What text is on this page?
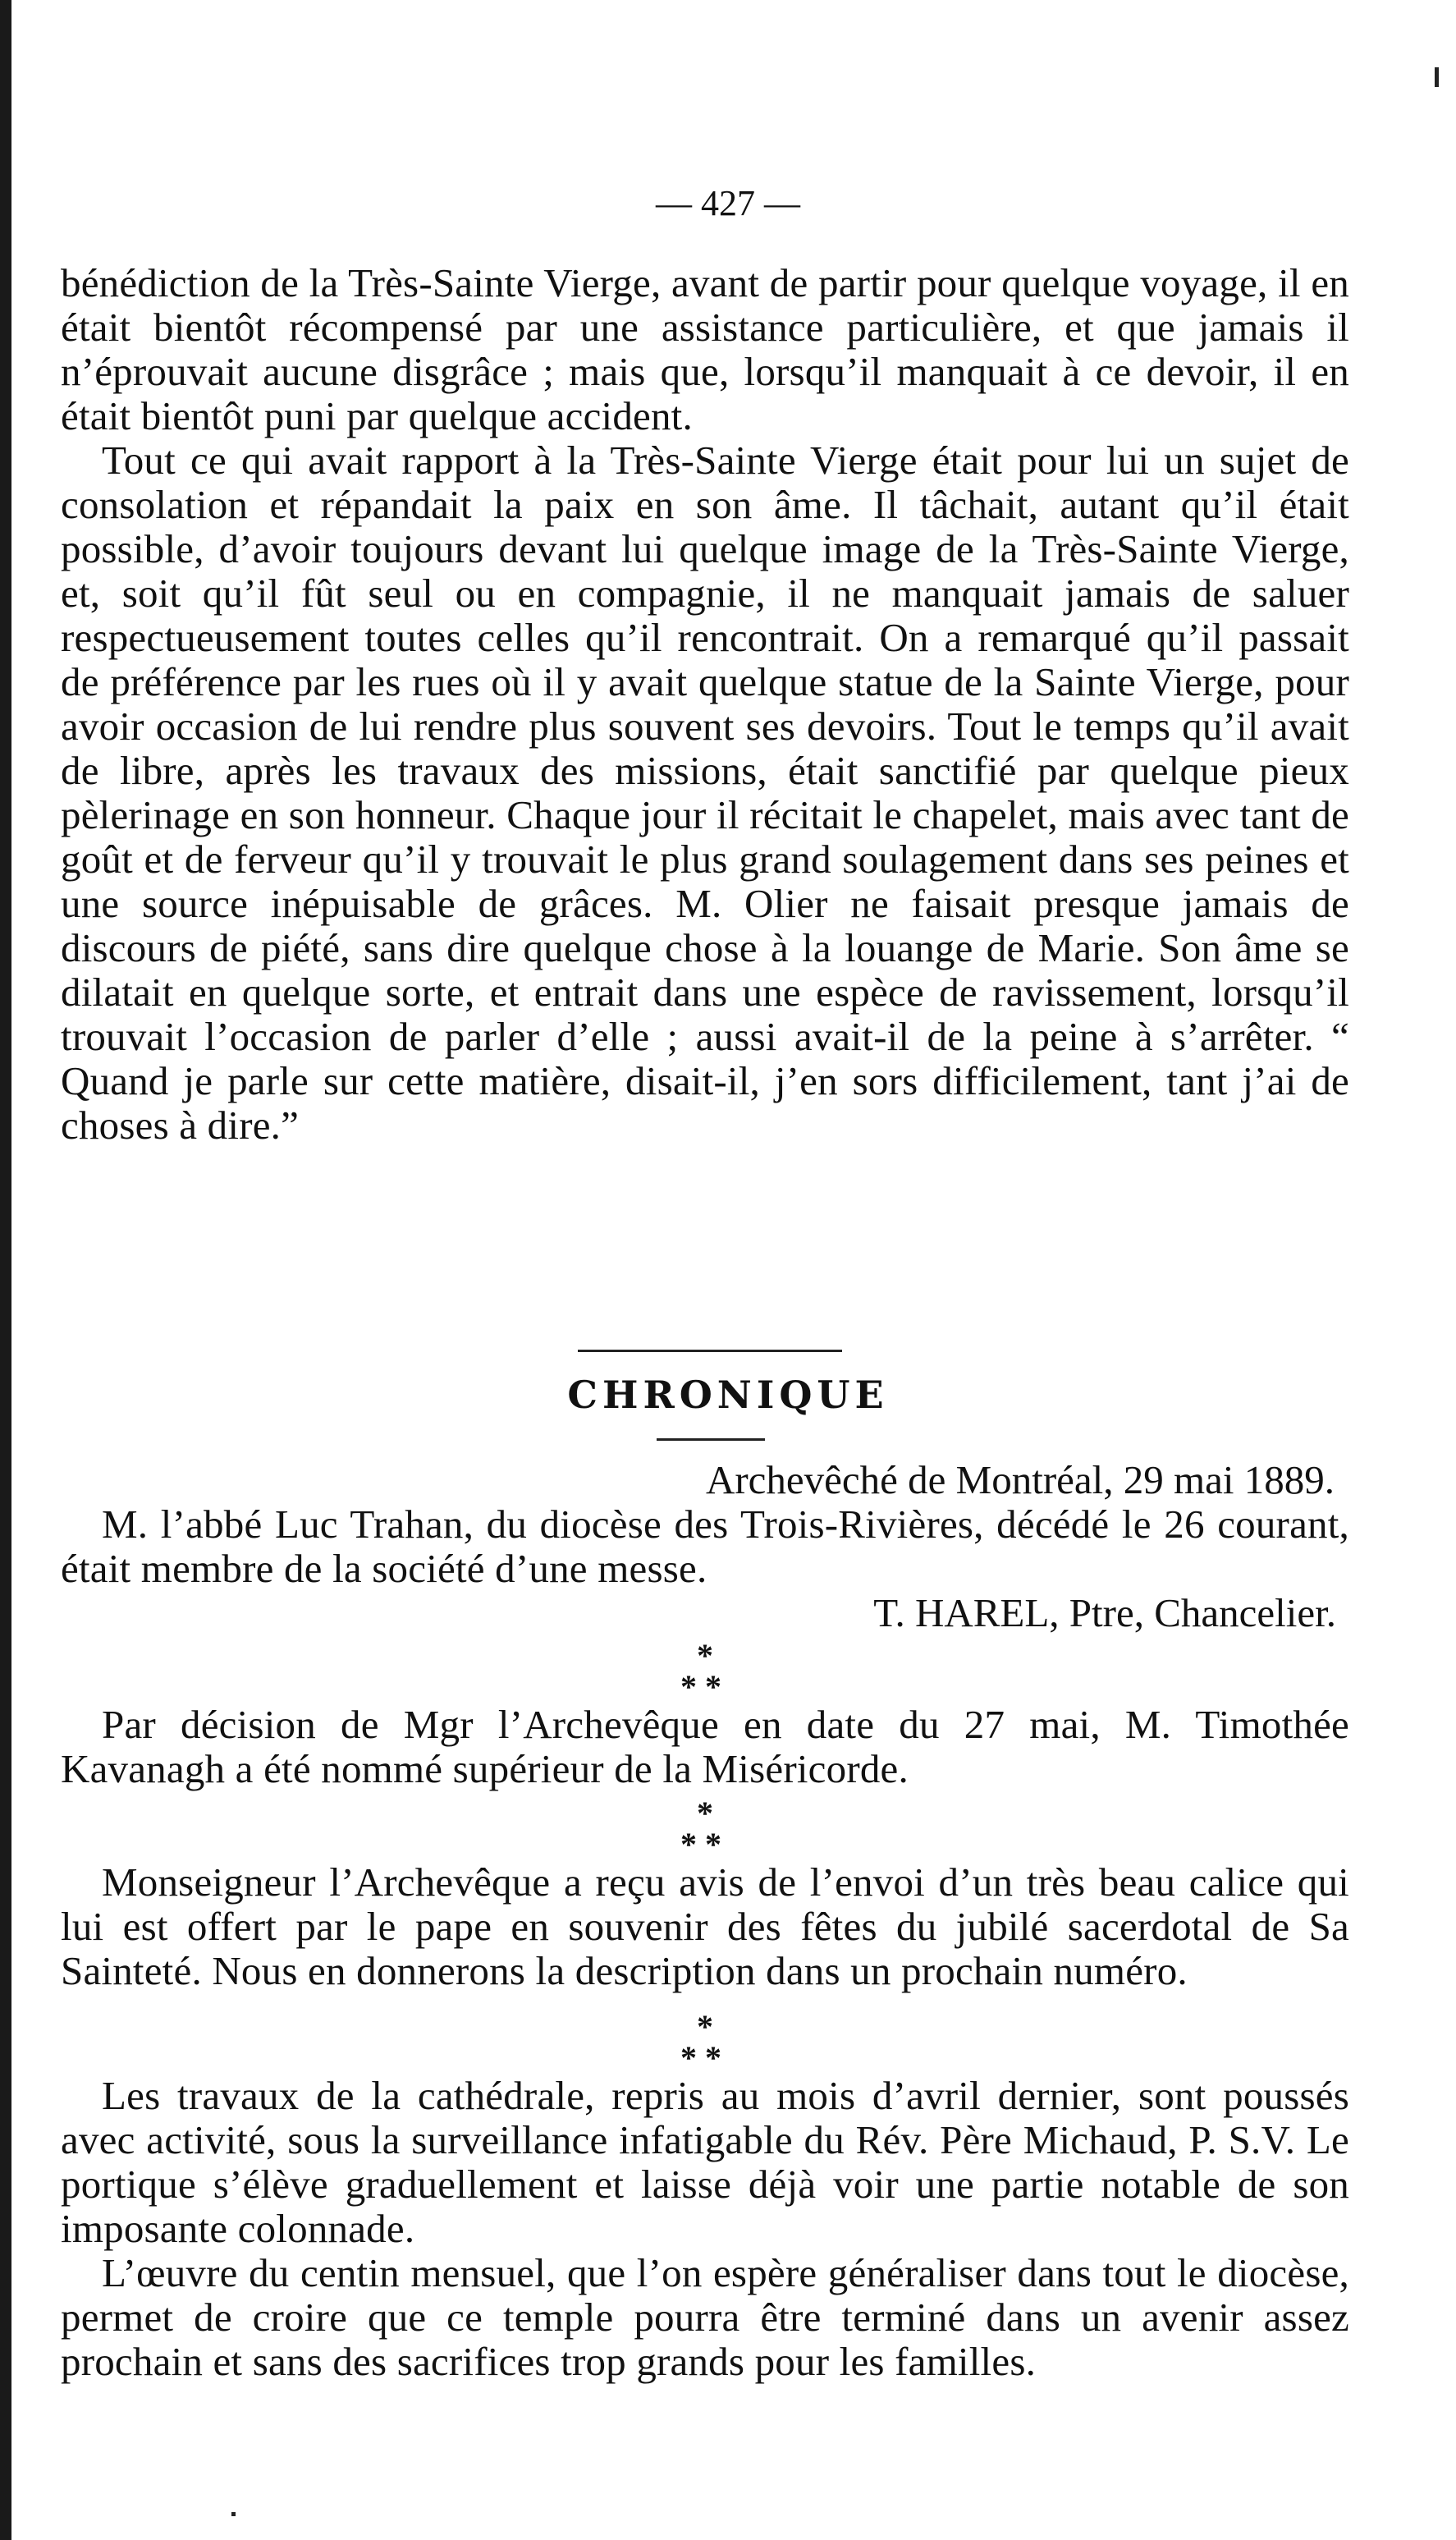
— 427 —

bénédiction de la Très-Sainte Vierge, avant de partir pour quelque voyage, il en était bientôt récompensé par une assistance particulière, et que jamais il n’éprouvait aucune disgrâce ; mais que, lorsqu’il manquait à ce devoir, il en était bientôt puni par quelque accident.

Tout ce qui avait rapport à la Très-Sainte Vierge était pour lui un sujet de consolation et répandait la paix en son âme. Il tâchait, autant qu’il était possible, d’avoir toujours devant lui quelque image de la Très-Sainte Vierge, et, soit qu’il fût seul ou en compagnie, il ne manquait jamais de saluer respectueusement toutes celles qu’il rencontrait. On a remarqué qu’il passait de préférence par les rues où il y avait quelque statue de la Sainte Vierge, pour avoir occasion de lui rendre plus souvent ses devoirs. Tout le temps qu’il avait de libre, après les travaux des missions, était sanctifié par quelque pieux pèlerinage en son honneur. Chaque jour il récitait le chapelet, mais avec tant de goût et de ferveur qu’il y trouvait le plus grand soulagement dans ses peines et une source inépuisable de grâces. M. Olier ne faisait presque jamais de discours de piété, sans dire quelque chose à la louange de Marie. Son âme se dilatait en quelque sorte, et entrait dans une espèce de ravissement, lorsqu’il trouvait l’occasion de parler d’elle ; aussi avait-il de la peine à s’arrêter. “ Quand je parle sur cette matière, disait-il, j’en sors difficilement, tant j’ai de choses à dire.”

CHRONIQUE

Archevêché de Montréal, 29 mai 1889.

M. l’abbé Luc Trahan, du diocèse des Trois-Rivières, décédé le 26 courant, était membre de la société d’une messe.

T. HAREL, Ptre, Chancelier.

*
**

Par décision de Mgr l’Archevêque en date du 27 mai, M. Timothée Kavanagh a été nommé supérieur de la Miséricorde.

*
**

Monseigneur l’Archevêque a reçu avis de l’envoi d’un très beau calice qui lui est offert par le pape en souvenir des fêtes du jubilé sacerdotal de Sa Sainteté. Nous en donnerons la description dans un prochain numéro.

*
**

Les travaux de la cathédrale, repris au mois d’avril dernier, sont poussés avec activité, sous la surveillance infatigable du Rév. Père Michaud, P. S.V. Le portique s’élève graduellement et laisse déjà voir une partie notable de son imposante colonnade.

L’œuvre du centin mensuel, que l’on espère généraliser dans tout le diocèse, permet de croire que ce temple pourra être terminé dans un avenir assez prochain et sans des sacrifices trop grands pour les familles.
